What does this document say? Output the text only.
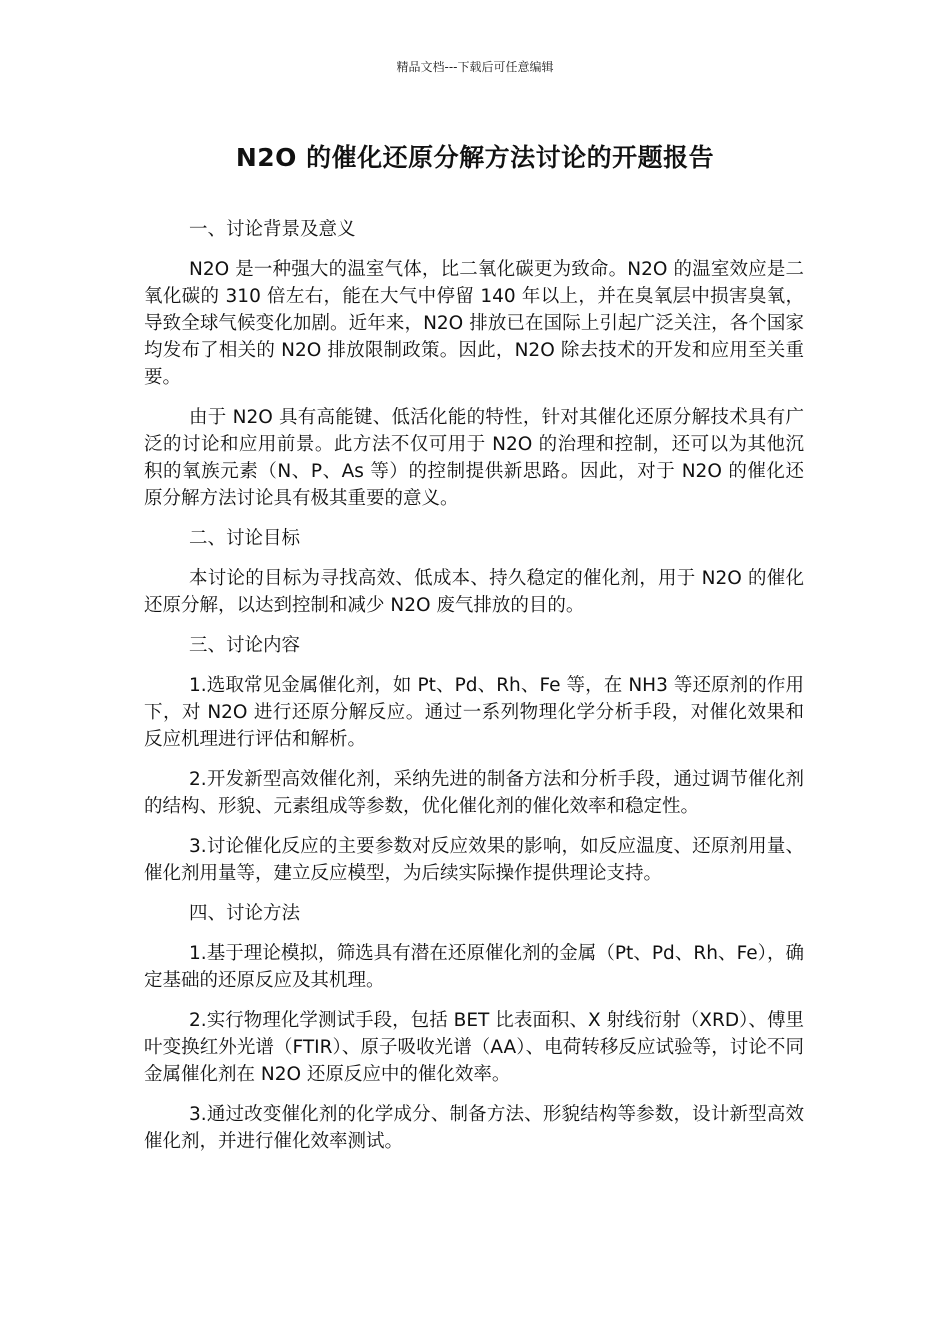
精品文档---下载后可任意编辑
N2O 的催化还原分解方法讨论的开题报告

一、讨论背景及意义

N2O 是一种强大的温室气体，比二氧化碳更为致命。N2O 的温室效应是二氧化碳的 310 倍左右，能在大气中停留 140 年以上，并在臭氧层中损害臭氧，导致全球气候变化加剧。近年来，N2O 排放已在国际上引起广泛关注，各个国家均发布了相关的 N2O 排放限制政策。因此，N2O 除去技术的开发和应用至关重要。

由于 N2O 具有高能键、低活化能的特性，针对其催化还原分解技术具有广泛的讨论和应用前景。此方法不仅可用于 N2O 的治理和控制，还可以为其他沉积的氧族元素（N、P、As 等）的控制提供新思路。因此，对于 N2O 的催化还原分解方法讨论具有极其重要的意义。

二、讨论目标

本讨论的目标为寻找高效、低成本、持久稳定的催化剂，用于 N2O 的催化还原分解，以达到控制和减少 N2O 废气排放的目的。

三、讨论内容

1.选取常见金属催化剂，如 Pt、Pd、Rh、Fe 等，在 NH3 等还原剂的作用下，对 N2O 进行还原分解反应。通过一系列物理化学分析手段，对催化效果和反应机理进行评估和解析。

2.开发新型高效催化剂，采纳先进的制备方法和分析手段，通过调节催化剂的结构、形貌、元素组成等参数，优化催化剂的催化效率和稳定性。

3.讨论催化反应的主要参数对反应效果的影响，如反应温度、还原剂用量、催化剂用量等，建立反应模型，为后续实际操作提供理论支持。

四、讨论方法

1.基于理论模拟，筛选具有潜在还原催化剂的金属（Pt、Pd、Rh、Fe），确定基础的还原反应及其机理。

2.实行物理化学测试手段，包括 BET 比表面积、X 射线衍射（XRD）、傅里叶变换红外光谱（FTIR）、原子吸收光谱（AA）、电荷转移反应试验等，讨论不同金属催化剂在 N2O 还原反应中的催化效率。

3.通过改变催化剂的化学成分、制备方法、形貌结构等参数，设计新型高效催化剂，并进行催化效率测试。
